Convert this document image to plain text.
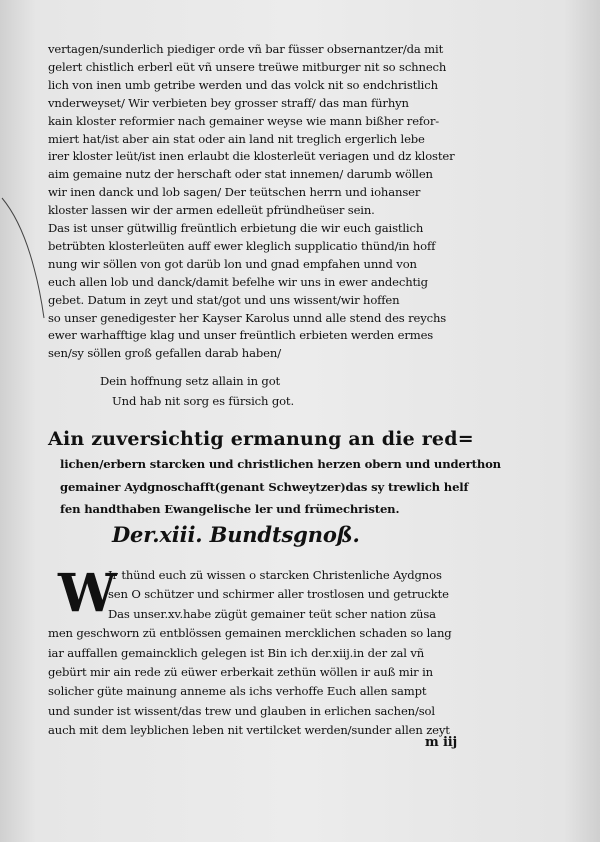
vertagen/sunderlich piediger orde vñ bar füsser obsernantzer/da mit
gelert chistlich erberl eüt vñ unsere treüwe mitburger nit so schnech
lich von inen umb getribe werden und das volck nit so endchristlich
vnderweyset/ Wir verbieten bey grosser straff/ das man fürhyn
kain kloster reformier nach gemainer weyse wie mann bißher refor-
miert hat/ist aber ain stat oder ain land nit treglich ergerlich lebe
irer kloster leüt/ist inen erlaubt die klosterleüt veriagen und dz kloster
aim gemaine nutz der herschaft oder stat innemen/ darumb wöllen
wir inen danck und lob sagen/ Der teütschen herrn und iohanser
kloster lassen wir der armen edelleüt pfründheüser sein.
Das ist unser gütwillig freüntlich erbietung die wir euch gaistlich
betrübten klosterleüten auff ewer kleglich supplicatio thünd/in hoff
nung wir söllen von got darüb lon und gnad empfahen unnd von
euch allen lob und danck/damit befelhe wir uns in ewer andechtig
gebet. Datum in zeyt und stat/got und uns wissent/wir hoffen
so unser genedigester her Kayser Karolus unnd alle stend des reychs
ewer warhafftige klag und unser freüntlich erbieten werden ermes
sen/sy söllen groß gefallen darab haben/
Dein hoffnung setz allain in got
Und hab nit sorg es fürsich got.
Ain zuversichtig ermanung an die red=
lichen/erbern starcken und christlichen herzen obern und underthon
gemainer Aydgnoschafft(genant Schweytzer)das sy trewlich helf
fen handthaben Ewangelische ler und frümechristen.
Der.xiii. Bundtsgnoß.
W
Ir thünd euch zü wissen o starcken Christenliche Aydgnos
sen O schützer und schirmer aller trostlosen und getruckte
Das unser.xv.habe zügüt gemainer teüt scher nation züsa
men geschworn zü entblössen gemainen mercklichen schaden so lang
iar auffallen gemaincklich gelegen ist Bin ich der.xiij.in der zal vñ
gebürt mir ain rede zü eüwer erberkait zethün wöllen ir auß mir in
solicher güte mainung anneme als ichs verhoffe Euch allen sampt
und sunder ist wissent/das trew und glauben in erlichen sachen/sol
auch mit dem leyblichen leben nit vertilcket werden/sunder allen zeyt
m iij
